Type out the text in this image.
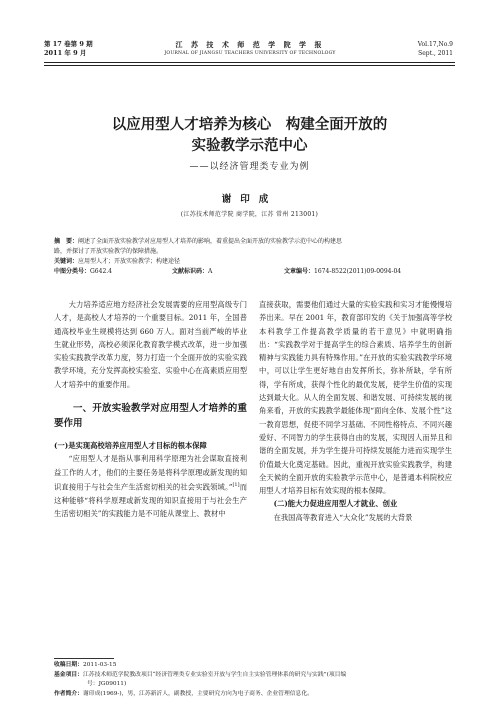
第 17 卷第 9 期
2011 年 9 月
江 苏 技 术 师 范 学 院 学 报
JOURNAL OF JIANGSU TEACHERS UNIVERSITY OF TECHNOLOGY
Vol.17,No.9
Sept., 2011
以应用型人才培养为核心　构建全面开放的
实验教学示范中心
——以经济管理类专业为例
谢印成
(江苏技术师范学院 商学院，江苏 常州 213001)
摘　要：阐述了全面开放实验教学对应用型人才培养的影响，着重提出全面开放的实验教学示范中心的构建思
路，并探讨了开放实验教学的保障措施。
关键词：应用型人才；开放实验教学；构建途径
中图分类号：G642.4	文献标识码：A	文章编号：1674-8522(2011)09-0094-04

大力培养适应地方经济社会发展需要的应用型高级专门人才，是高校人才培养的一个重要目标。2011 年，全国普通高校毕业生规模将达到 660 万人。面对当前严峻的毕业生就业形势，高校必须深化教育教学模式改革，进一步加强实验实践教学改革力度，努力打造一个全面开放的实验实践教学环境，充分发挥高校实验室、实验中心在高素质应用型人才培养中的重要作用。

一、开放实验教学对应用型人才培养的重要作用

(一)是实现高校培养应用型人才目标的根本保障

“应用型人才是指从事利用科学原理为社会谋取直接利益工作的人才，他们的主要任务是将科学原理或新发现的知识直接用于与社会生产生活密切相关的社会实践领域。”[1]而这种能够“将科学原理或新发现的知识直接用于与社会生产生活密切相关”的实践能力是不可能从课堂上、教材中

直接获取，需要他们通过大量的实验实践和实习才能慢慢培养出来。早在 2001 年，教育部印发的《关于加强高等学校本科教学工作提高教学质量的若干意见》中就明确指出：“实践教学对于提高学生的综合素质、培养学生的创新精神与实践能力具有特殊作用。”在开放的实验实践教学环境中，可以让学生更好地自由发挥所长，弥补所缺，学有所得，学有所成，获得个性化的最优发展，使学生价值的实现达到最大化。从人的全面发展、和谐发展、可持续发展的视角来看，开放的实践教学最能体现“面向全体、发展个性”这一教育思想，促使不同学习基础、不同性格特点、不同兴趣爱好、不同智力的学生获得自由的发展，实现因人而异且和谐的全面发展，并为学生提升可持续发展能力进而实现学生价值最大化奠定基础。因此，重视开放实验实践教学，构建全天候的全面开放的实验教学示范中心，是普通本科院校应用型人才培养目标有效实现的根本保障。

(二)能大力促进应用型人才就业、创业

在我国高等教育进入“大众化”发展的大背景

收稿日期：2011-03-15
基金项目：江苏技术师范学院教改项目“经济管理类专业实验室开放与学生自主实验管理体系的研究与实践”(项目编
号：JG09011)
作者简介：谢印成(1969-)，男，江苏新沂人，副教授，主要研究方向为电子商务、企业管理信息化。
